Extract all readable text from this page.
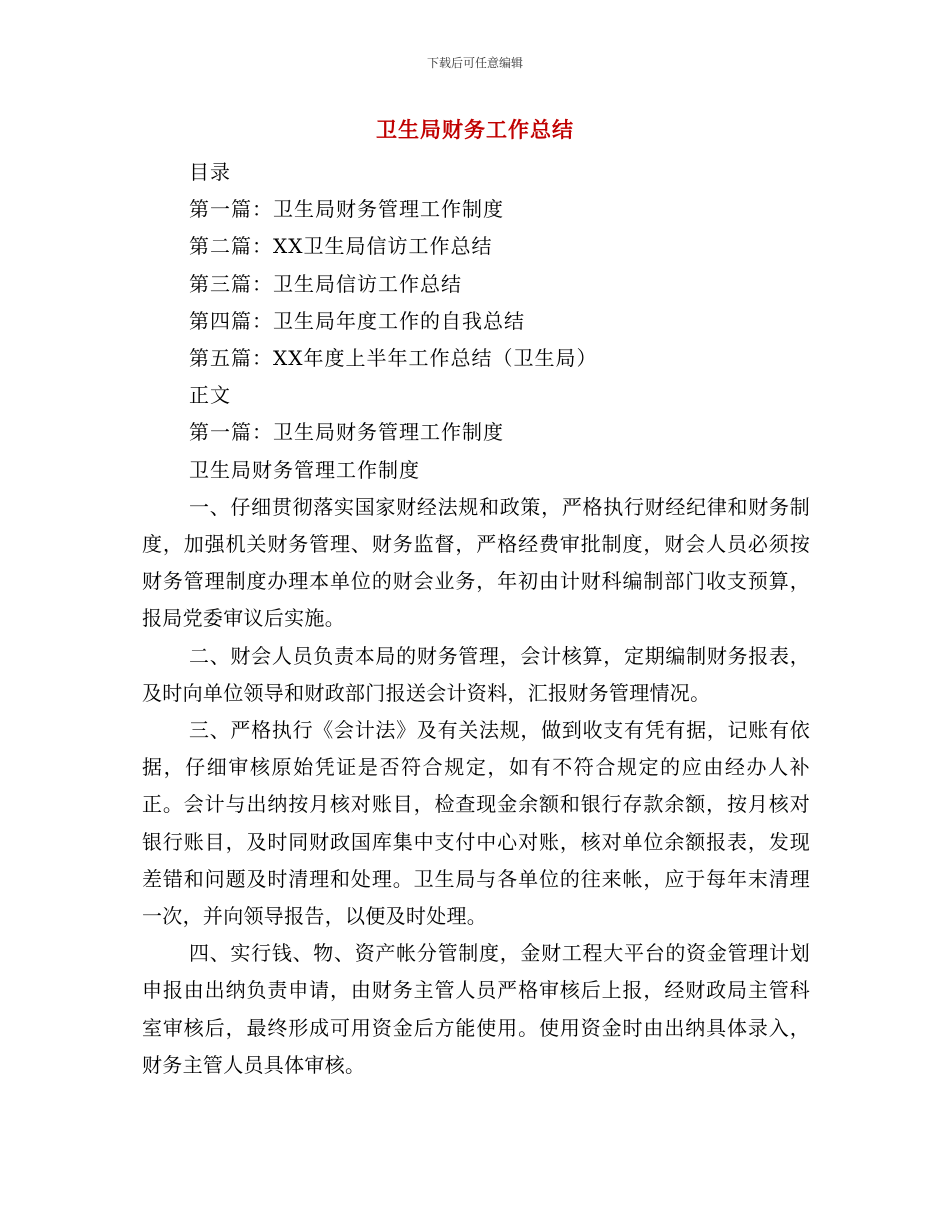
下载后可任意编辑
卫生局财务工作总结
目录
第一篇：卫生局财务管理工作制度
第二篇：XX卫生局信访工作总结
第三篇：卫生局信访工作总结
第四篇：卫生局年度工作的自我总结
第五篇：XX年度上半年工作总结（卫生局）
正文
第一篇：卫生局财务管理工作制度
卫生局财务管理工作制度

一、仔细贯彻落实国家财经法规和政策，严格执行财经纪律和财务制度，加强机关财务管理、财务监督，严格经费审批制度，财会人员必须按财务管理制度办理本单位的财会业务，年初由计财科编制部门收支预算，报局党委审议后实施。

二、财会人员负责本局的财务管理，会计核算，定期编制财务报表，及时向单位领导和财政部门报送会计资料，汇报财务管理情况。

三、严格执行《会计法》及有关法规，做到收支有凭有据，记账有依据，仔细审核原始凭证是否符合规定，如有不符合规定的应由经办人补正。会计与出纳按月核对账目，检查现金余额和银行存款余额，按月核对银行账目，及时同财政国库集中支付中心对账，核对单位余额报表，发现差错和问题及时清理和处理。卫生局与各单位的往来帐，应于每年末清理一次，并向领导报告，以便及时处理。

四、实行钱、物、资产帐分管制度，金财工程大平台的资金管理计划申报由出纳负责申请，由财务主管人员严格审核后上报，经财政局主管科室审核后，最终形成可用资金后方能使用。使用资金时由出纳具体录入，财务主管人员具体审核。
